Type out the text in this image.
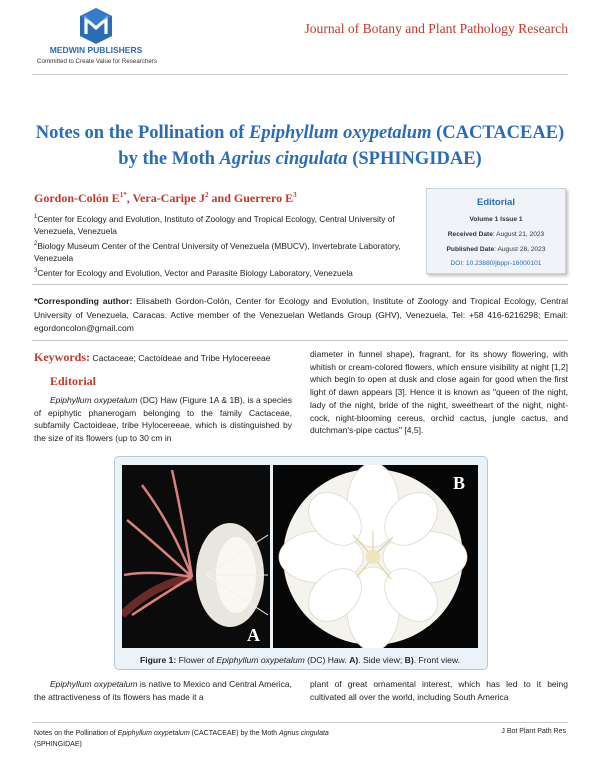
MEDWIN PUBLISHERS
Committed to Create Value for Researchers
Journal of Botany and Plant Pathology Research
Notes on the Pollination of Epiphyllum oxypetalum (CACTACEAE)
by the Moth Agrius cingulata (SPHINGIDAE)
Gordon-Colón $E^{1*}$, Vera-Caripe $J^2$ and Guerrero $E^3$
$^1$Center for Ecology and Evolution, Instituto of Zoology and Tropical Ecology, Central University of Venezuela, Venezuela
$^2$Biology Museum Center of the Central University of Venezuela (MBUCV), Invertebrate Laboratory, Venezuela
$^3$Center for Ecology and Evolution, Vector and Parasite Biology Laboratory, Venezuela
Editorial
Volume 1 Issue 1
Received Date: August 21, 2023
Published Date: August 28, 2023
DOI: 10.23880/jbppr-16000101
*Corresponding author: Elisabeth Gordon-Colón, Center for Ecology and Evolution, Institute of Zoology and Tropical Ecology, Central University of Venezuela, Caracas. Active member of the Venezuelan Wetlands Group (GHV), Venezuela, Tel: +58 416-6216298; Email: egordoncolon@gmail.com
Keywords: Cactaceae; Cactoideae and Tribe Hylocereeae
Editorial
Epiphyllum oxypetalum (DC) Haw (Figure 1A & 1B), is a species of epiphytic phanerogam belonging to the family Cactaceae, subfamily Cactoideae, tribe Hylocereeae, which is distinguished by the size of its flowers (up to 30 cm in
diameter in funnel shape), fragrant, for its showy flowering, with whitish or cream-colored flowers, which ensure visibility at night [1,2] which begin to open at dusk and close again for good when the first light of dawn appears [3]. Hence it is known as "queen of the night, lady of the night, bride of the night, sweetheart of the night, night-cock, night-blooming cereus, orchid cactus, jungle cactus, and dutchman's-pipe cactus" [4,5].
A
B
Figure 1: Flower of Epiphyllum oxypetalum (DC) Haw. A). Side view; B). Front view.
Epiphyllum oxypetalum is native to Mexico and Central America, the attractiveness of its flowers has made it a
plant of great ornamental interest, which has led to it being cultivated all over the world, including South America
Notes on the Pollination of Epiphyllum oxypetalum (CACTACEAE) by the Moth Agrius cingulata
(SPHINGIDAE)
J Bot Plant Path Res
